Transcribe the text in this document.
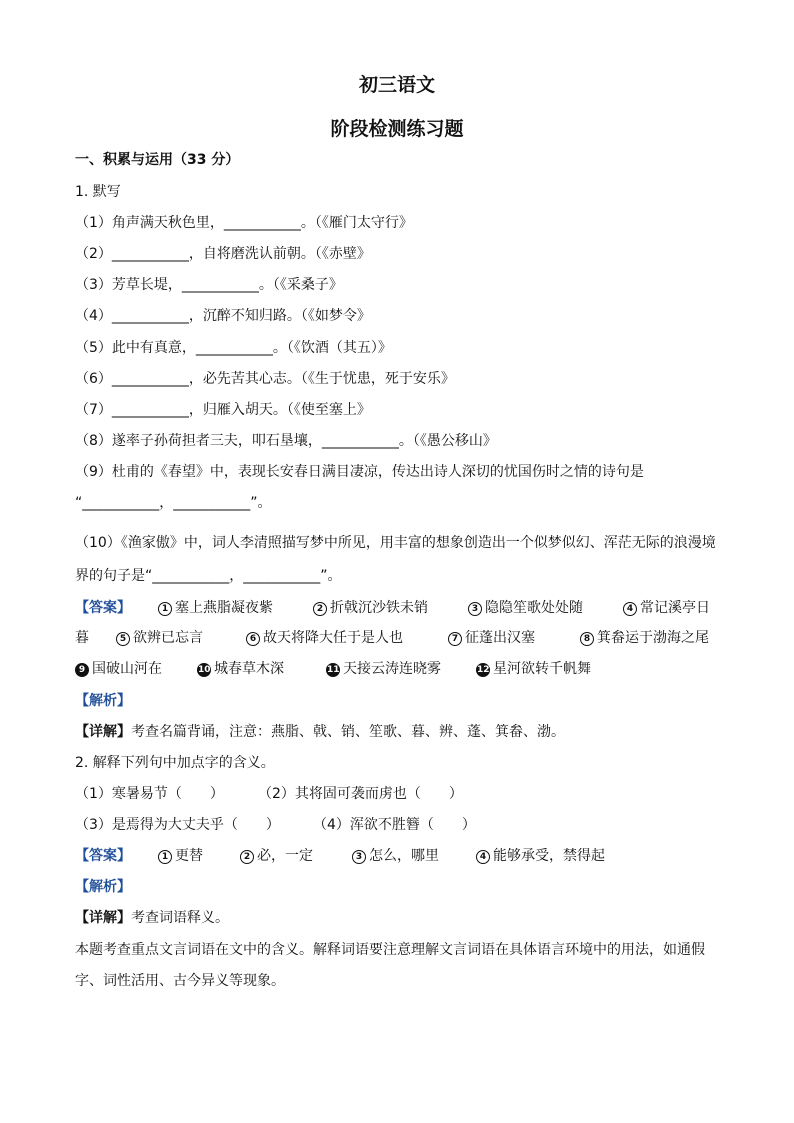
初三语文
阶段检测练习题
一、积累与运用（33 分）
1. 默写
（1）角声满天秋色里，___________。（《雁门太守行》
（2）___________，自将磨洗认前朝。（《赤壁》
（3）芳草长堤，___________。（《采桑子》
（4）___________，沉醉不知归路。（《如梦令》
（5）此中有真意，___________。（《饮酒（其五）》
（6）___________，必先苦其心志。（《生于忧患，死于安乐》
（7）___________，归雁入胡天。（《使至塞上》
（8）遂率子孙荷担者三夫，叩石垦壤，___________。（《愚公移山》
（9）杜甫的《春望》中，表现长安春日满目凄凉，传达出诗人深切的忧国伤时之情的诗句是
“___________，___________”。
（10）《渔家傲》中，词人李清照描写梦中所见，用丰富的想象创造出一个似梦似幻、浑茫无际的浪漫境
界的句子是“___________，___________”。
【答案】	1 塞上燕脂凝夜紫	2 折戟沉沙铁未销	3 隐隐笙歌处处随	4 常记溪亭日
暮	5 欲辨已忘言	6 故天将降大任于是人也	7 征蓬出汉塞	8 箕畚运于渤海之尾
9 国破山河在	10 城春草木深	11 天接云涛连晓雾	12 星河欲转千帆舞
【解析】
【详解】考查名篇背诵，注意：燕脂、戟、销、笙歌、暮、辨、蓬、箕畚、渤。
2. 解释下列句中加点字的含义。
（1）寒暑易节（　　） （2）其将固可袭而虏也（　　）
（3）是焉得为大丈夫乎（　　） （4）浑欲不胜簪（　　）
【答案】	1 更替	2 必，一定	3 怎么，哪里	4 能够承受，禁得起
【解析】
【详解】考查词语释义。
本题考查重点文言词语在文中的含义。解释词语要注意理解文言词语在具体语言环境中的用法，如通假
字、词性活用、古今异义等现象。
